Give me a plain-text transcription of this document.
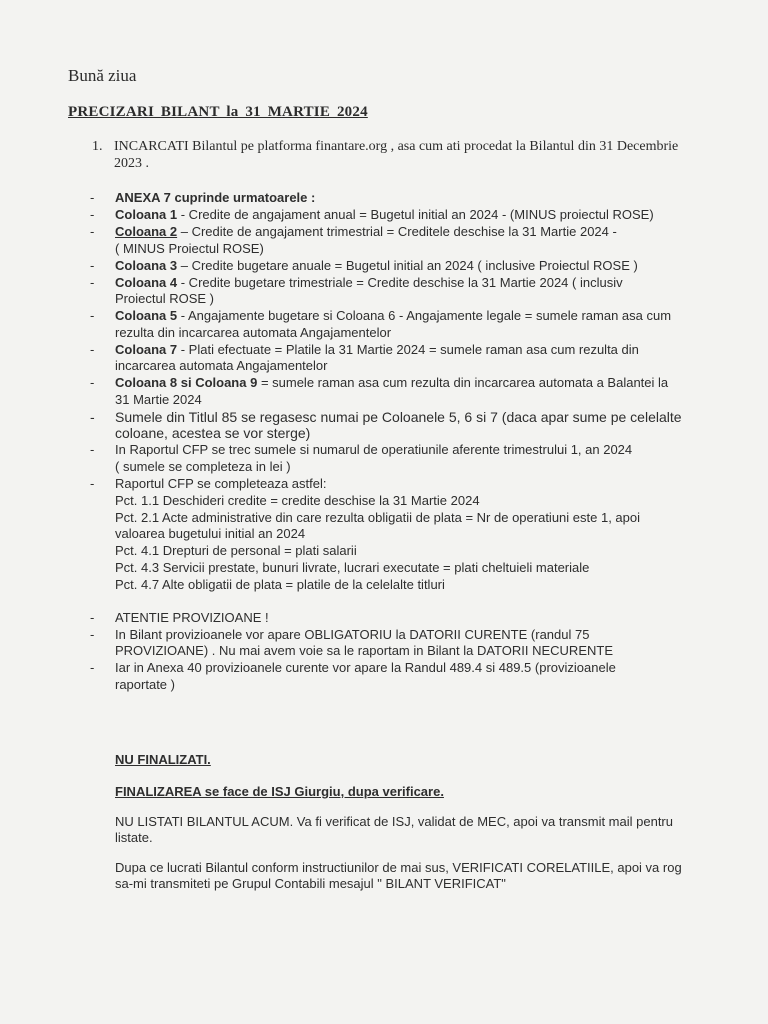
Bună ziua
PRECIZARI BILANT la 31 MARTIE 2024
1. INCARCATI Bilantul pe platforma finantare.org , asa cum ati procedat la Bilantul din 31 Decembrie 2023 .
- ANEXA 7 cuprinde urmatoarele :
- Coloana 1 - Credite de angajament anual = Bugetul initial an 2024 - (MINUS proiectul ROSE)
- Coloana 2 – Credite de angajament trimestrial = Creditele deschise la 31 Martie 2024 -
( MINUS Proiectul ROSE)
- Coloana 3 – Credite bugetare anuale = Bugetul initial an 2024 ( inclusive Proiectul ROSE )
- Coloana 4 - Credite bugetare trimestriale = Credite deschise la 31 Martie 2024 ( inclusiv
Proiectul ROSE )
- Coloana 5 - Angajamente bugetare si Coloana 6 - Angajamente legale = sumele raman asa cum
rezulta din incarcarea automata Angajamentelor
- Coloana 7 - Plati efectuate = Platile la 31 Martie 2024 = sumele raman asa cum rezulta din
incarcarea automata Angajamentelor
- Coloana 8 si Coloana 9 = sumele raman asa cum rezulta din incarcarea automata a Balantei la
31 Martie 2024
- Sumele din Titlul 85 se regasesc numai pe Coloanele 5, 6 si 7 (daca apar sume pe celelalte
coloane, acestea se vor sterge)
- In Raportul CFP se trec sumele si numarul de operatiunile aferente trimestrului 1, an 2024
( sumele se completeza in lei )
- Raportul CFP se completeaza astfel:
Pct. 1.1 Deschideri credite = credite deschise la 31 Martie 2024
Pct. 2.1 Acte administrative din care rezulta obligatii de plata = Nr de operatiuni este 1, apoi
valoarea bugetului initial an 2024
Pct. 4.1 Drepturi de personal = plati salarii
Pct. 4.3 Servicii prestate, bunuri livrate, lucrari executate = plati cheltuieli materiale
Pct. 4.7 Alte obligatii de plata = platile de la celelalte titluri
- ATENTIE PROVIZIOANE !
- In Bilant provizioanele vor apare OBLIGATORIU la DATORII CURENTE (randul 75
PROVIZIOANE) . Nu mai avem voie sa le raportam in Bilant la DATORII NECURENTE
- Iar in Anexa 40 provizioanele curente vor apare la Randul 489.4 si 489.5 (provizioanele
raportate )

NU FINALIZATI.

FINALIZAREA se face de ISJ Giurgiu, dupa verificare.

NU LISTATI BILANTUL ACUM. Va fi verificat de ISJ, validat de MEC, apoi va transmit mail pentru listate.

Dupa ce lucrati Bilantul conform instructiunilor de mai sus, VERIFICATI CORELATIILE, apoi va rog sa-mi transmiteti pe Grupul Contabili mesajul " BILANT VERIFICAT"
